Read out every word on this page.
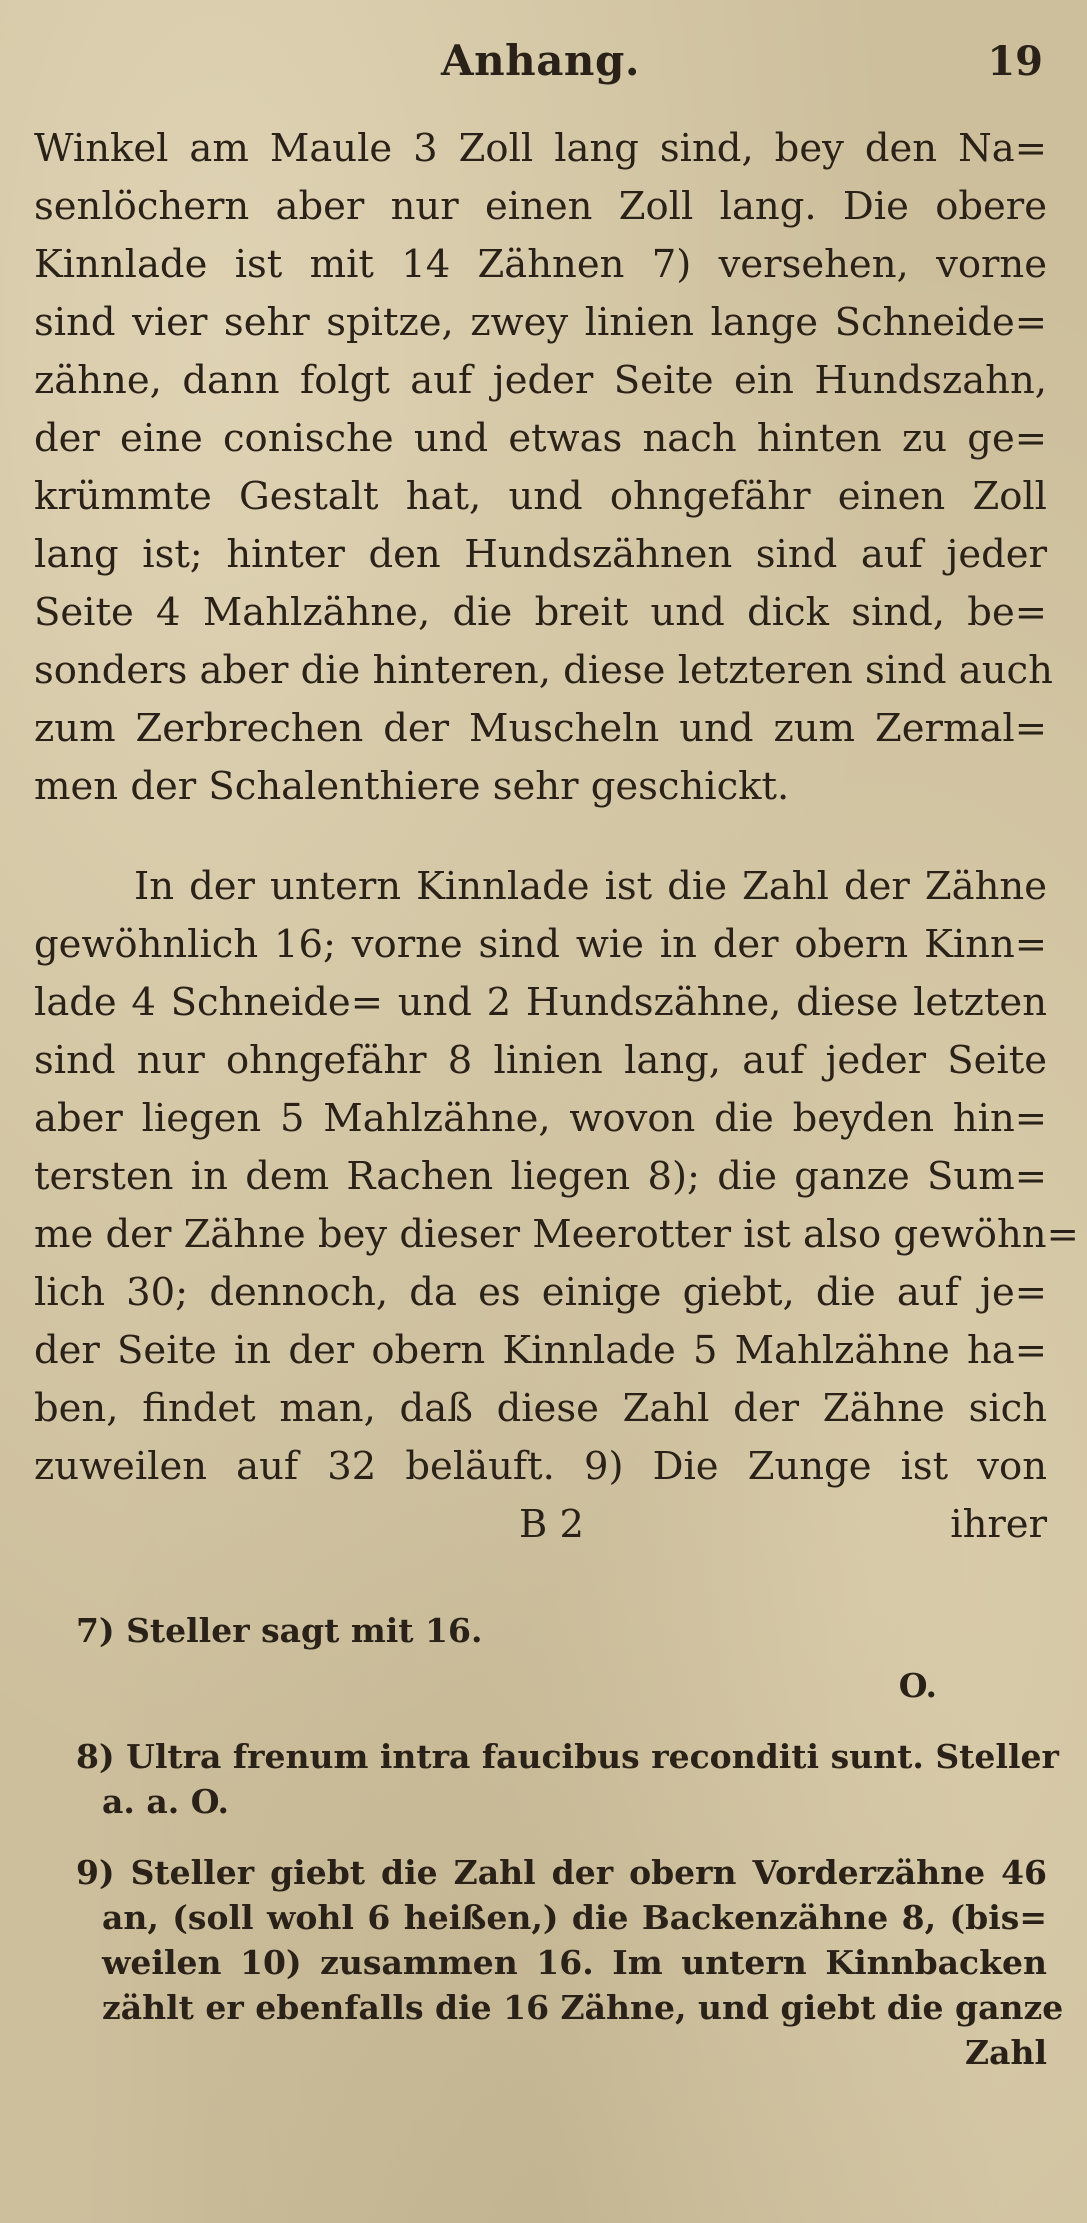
Anhang.	19
Winkel am Maule 3 Zoll lang sind, bey den Na=
senlöchern aber nur einen Zoll lang. Die obere
Kinnlade ist mit 14 Zähnen 7) versehen, vorne
sind vier sehr spitze, zwey linien lange Schneide=
zähne, dann folgt auf jeder Seite ein Hundszahn,
der eine conische und etwas nach hinten zu ge=
krümmte Gestalt hat, und ohngefähr einen Zoll
lang ist; hinter den Hundszähnen sind auf jeder
Seite 4 Mahlzähne, die breit und dick sind, be=
sonders aber die hinteren, diese letzteren sind auch
zum Zerbrechen der Muscheln und zum Zermal=
men der Schalenthiere sehr geschickt.
In der untern Kinnlade ist die Zahl der Zähne
gewöhnlich 16; vorne sind wie in der obern Kinn=
lade 4 Schneide= und 2 Hundszähne, diese letzten
sind nur ohngefähr 8 linien lang, auf jeder Seite
aber liegen 5 Mahlzähne, wovon die beyden hin=
tersten in dem Rachen liegen 8); die ganze Sum=
me der Zähne bey dieser Meerotter ist also gewöhn=
lich 30; dennoch, da es einige giebt, die auf je=
der Seite in der obern Kinnlade 5 Mahlzähne ha=
ben, findet man, daß diese Zahl der Zähne sich
zuweilen auf 32 beläuft. 9) Die Zunge ist von
B 2	ihrer
7) Steller sagt mit 16.
O.
8) Ultra frenum intra faucibus reconditi sunt. Steller
a. a. O.
9) Steller giebt die Zahl der obern Vorderzähne 46
an, (soll wohl 6 heißen,) die Backenzähne 8, (bis=
weilen 10) zusammen 16. Im untern Kinnbacken
zählt er ebenfalls die 16 Zähne, und giebt die ganze
Zahl
